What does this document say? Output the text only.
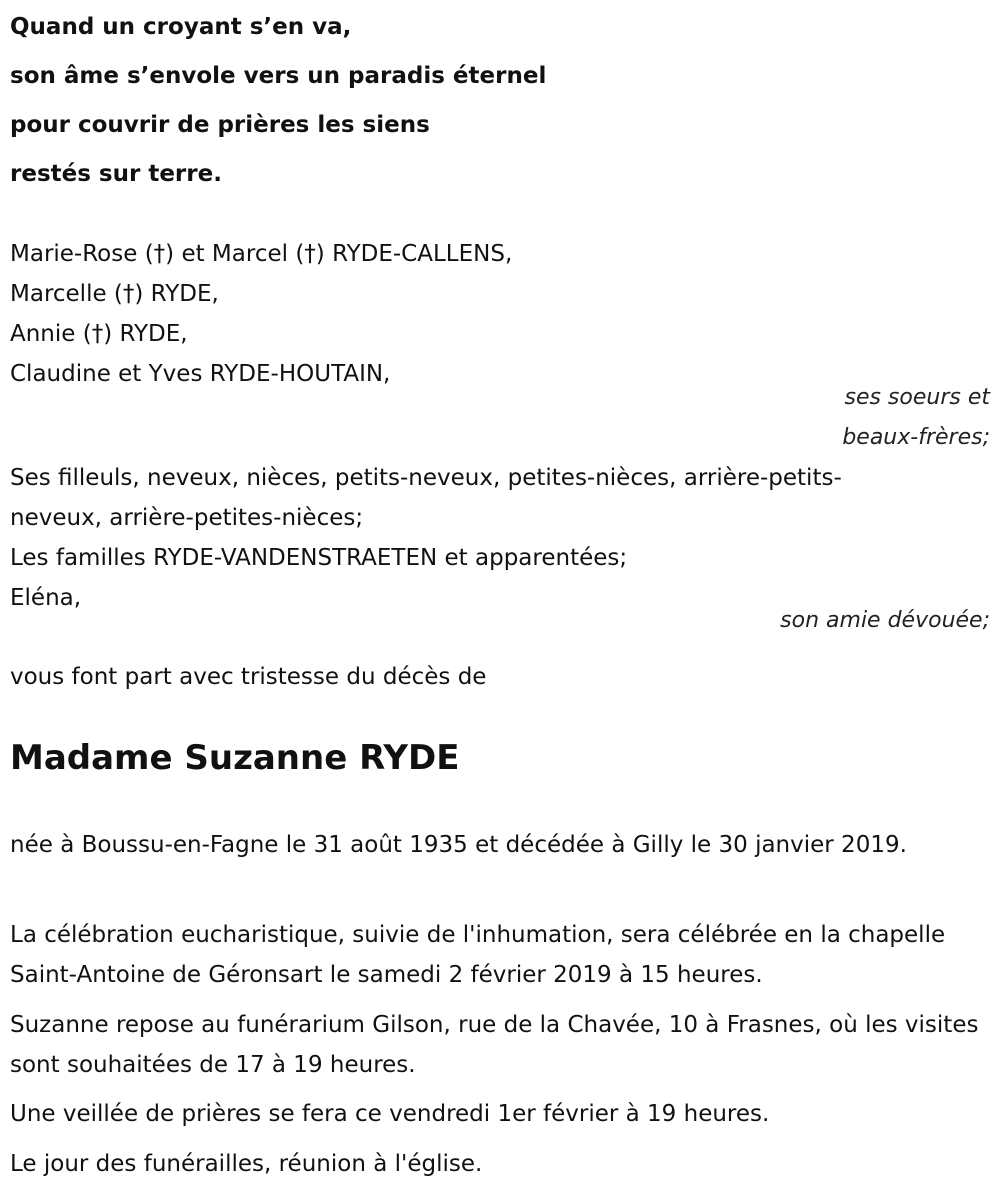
Quand un croyant s’en va,
son âme s’envole vers un paradis éternel
pour couvrir de prières les siens
restés sur terre.
Marie-Rose (†) et Marcel (†) RYDE-CALLENS,
Marcelle (†) RYDE,
Annie (†) RYDE,
Claudine et Yves RYDE-HOUTAIN,
ses soeurs et
beaux-frères;
Ses filleuls, neveux, nièces, petits-neveux, petites-nièces, arrière-petits-
neveux, arrière-petites-nièces;
Les familles RYDE-VANDENSTRAETEN et apparentées;
Eléna,
son amie dévouée;
vous font part avec tristesse du décès de
Madame Suzanne RYDE
née à Boussu-en-Fagne le 31 août 1935 et décédée à Gilly le 30 janvier 2019.
La célébration eucharistique, suivie de l'inhumation, sera célébrée en la chapelle Saint-Antoine de Géronsart le samedi 2 février 2019 à 15 heures.
Suzanne repose au funérarium Gilson, rue de la Chavée, 10 à Frasnes, où les visites sont souhaitées de 17 à 19 heures.
Une veillée de prières se fera ce vendredi 1er février à 19 heures.
Le jour des funérailles, réunion à l'église.
